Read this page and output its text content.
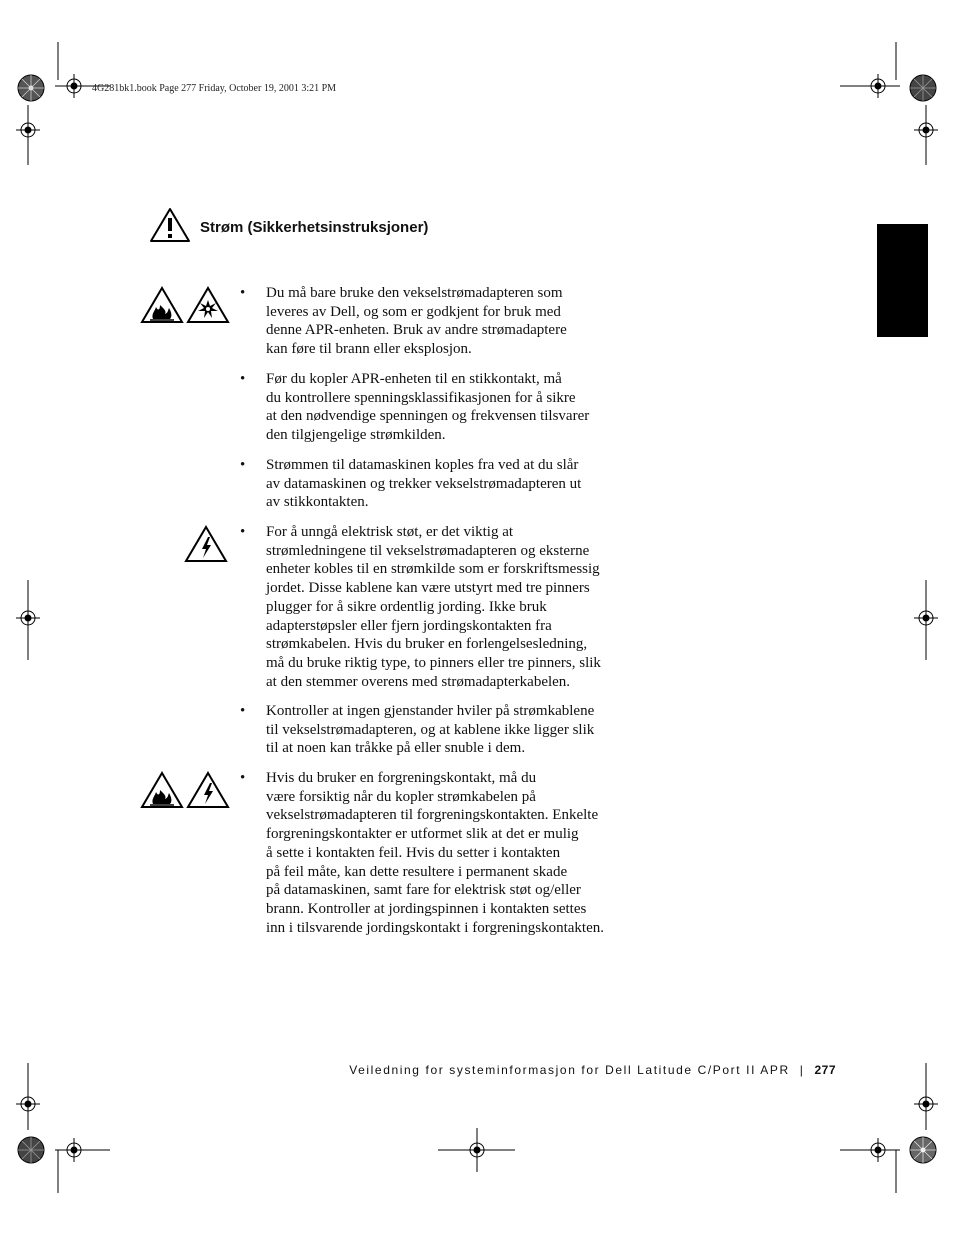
4G281bk1.book Page 277 Friday, October 19, 2001 3:21 PM
Strøm (Sikkerhetsinstruksjoner)
•	Du må bare bruke den vekselstrømadapteren som
leveres av Dell, og som er godkjent for bruk med
denne APR-enheten. Bruk av andre strømadaptere
kan føre til brann eller eksplosjon.
•	Før du kopler APR-enheten til en stikkontakt, må
du kontrollere spenningsklassifikasjonen for å sikre
at den nødvendige spenningen og frekvensen tilsvarer
den tilgjengelige strømkilden.
•	Strømmen til datamaskinen koples fra ved at du slår
av datamaskinen og trekker vekselstrømadapteren ut
av stikkontakten.
•	For å unngå elektrisk støt, er det viktig at
strømledningene til vekselstrømadapteren og eksterne
enheter kobles til en strømkilde som er forskriftsmessig
jordet. Disse kablene kan være utstyrt med tre pinners
plugger for å sikre ordentlig jording. Ikke bruk
adapterstøpsler eller fjern jordingskontakten fra
strømkabelen. Hvis du bruker en forlengelsesledning,
må du bruke riktig type, to pinners eller tre pinners, slik
at den stemmer overens med strømadapterkabelen.
•	Kontroller at ingen gjenstander hviler på strømkablene
til vekselstrømadapteren, og at kablene ikke ligger slik
til at noen kan tråkke på eller snuble i dem.
•	Hvis du bruker en forgreningskontakt, må du
være forsiktig når du kopler strømkabelen på
vekselstrømadapteren til forgreningskontakten. Enkelte
forgreningskontakter er utformet slik at det er mulig
å sette i kontakten feil. Hvis du setter i kontakten
på feil måte, kan dette resultere i permanent skade
på datamaskinen, samt fare for elektrisk støt og/eller
brann. Kontroller at jordingspinnen i kontakten settes
inn i tilsvarende jordingskontakt i forgreningskontakten.
Veiledning for systeminformasjon for Dell Latitude C/Port II APR | 277
